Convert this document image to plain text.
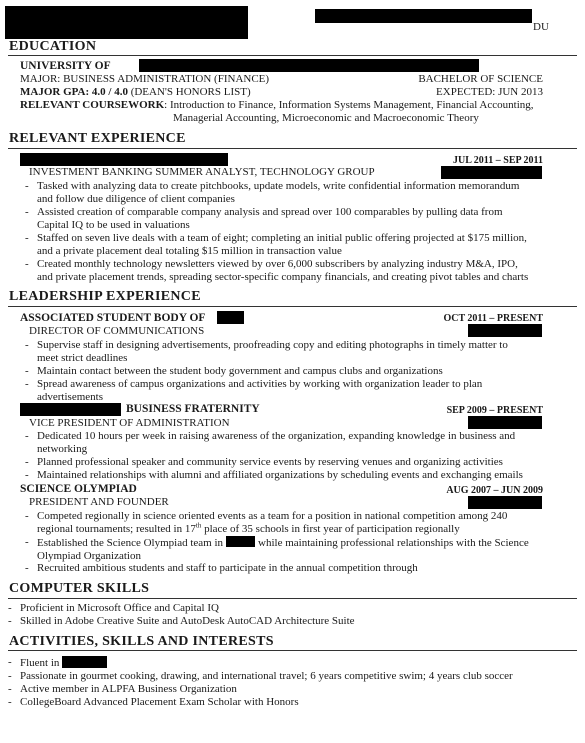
DU
EDUCATION
UNIVERSITY OF
MAJOR: BUSINESS ADMINISTRATION (FINANCE)	BACHELOR OF SCIENCE
MAJOR GPA: 4.0 / 4.0 (DEAN'S HONORS LIST)	EXPECTED: JUN 2013
RELEVANT COURSEWORK: Introduction to Finance, Information Systems Management, Financial Accounting,
Managerial Accounting, Microeconomic and Macroeconomic Theory
RELEVANT EXPERIENCE
JUL 2011 – SEP 2011
INVESTMENT BANKING SUMMER ANALYST, TECHNOLOGY GROUP
- Tasked with analyzing data to create pitchbooks, update models, write confidential information memorandum
and follow due diligence of client companies
- Assisted creation of comparable company analysis and spread over 100 comparables by pulling data from
Capital IQ to be used in valuations
- Staffed on seven live deals with a team of eight; completing an initial public offering projected at $175 million,
and a private placement deal totaling $15 million in transaction value
- Created monthly technology newsletters viewed by over 6,000 subscribers by analyzing industry M&A, IPO,
and private placement trends, spreading sector-specific company financials, and creating pivot tables and charts
LEADERSHIP EXPERIENCE
ASSOCIATED STUDENT BODY OF	OCT 2011 – PRESENT
DIRECTOR OF COMMUNICATIONS
- Supervise staff in designing advertisements, proofreading copy and editing photographs in timely matter to
meet strict deadlines
- Maintain contact between the student body government and campus clubs and organizations
- Spread awareness of campus organizations and activities by working with organization leader to plan
advertisements
BUSINESS FRATERNITY	SEP 2009 – PRESENT
VICE PRESIDENT OF ADMINISTRATION
- Dedicated 10 hours per week in raising awareness of the organization, expanding knowledge in business and
networking
- Planned professional speaker and community service events by reserving venues and organizing activities
- Maintained relationships with alumni and affiliated organizations by scheduling events and exchanging emails
SCIENCE OLYMPIAD	AUG 2007 – JUN 2009
PRESIDENT AND FOUNDER
- Competed regionally in science oriented events as a team for a position in national competition among 240
regional tournaments; resulted in 17th place of 35 schools in first year of participation regionally
- Established the Science Olympiad team in	while maintaining professional relationships with the Science
Olympiad Organization
- Recruited ambitious students and staff to participate in the annual competition through
COMPUTER SKILLS
- Proficient in Microsoft Office and Capital IQ
- Skilled in Adobe Creative Suite and AutoDesk AutoCAD Architecture Suite
ACTIVITIES, SKILLS AND INTERESTS
- Fluent in
- Passionate in gourmet cooking, drawing, and international travel; 6 years competitive swim; 4 years club soccer
- Active member in ALPFA Business Organization
- CollegeBoard Advanced Placement Exam Scholar with Honors
